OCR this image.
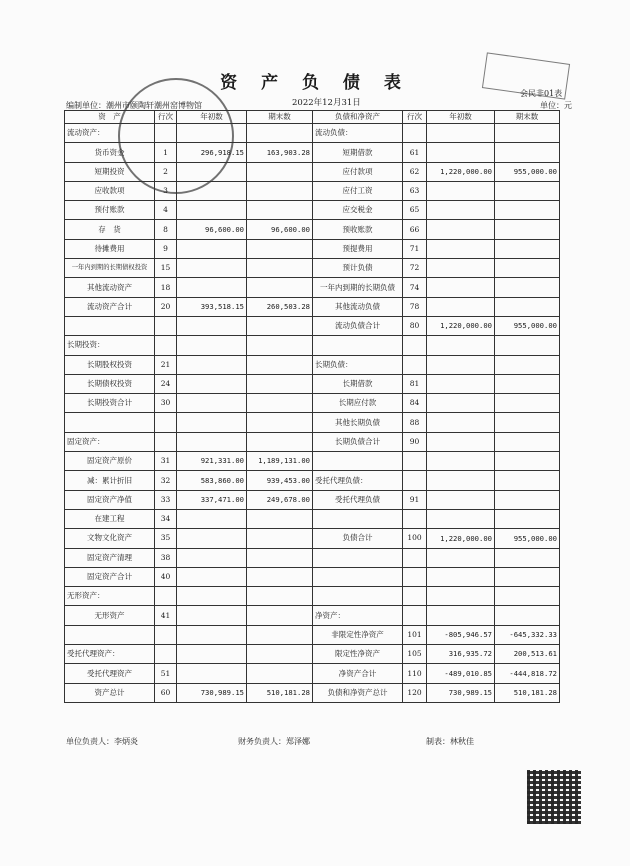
资 产 负 债 表
会民非01表
2022年12月31日
编制单位：潮州市颐陶轩潮州窑博物馆	单位：元
资　产	行次	年初数	期末数	负债和净资产	行次	年初数	期末数
流动资产：				流动负债：			
货币资金	1	296,918.15	163,903.28	短期借款	61		
短期投资	2			应付款项	62	1,220,000.00	955,000.00
应收款项	3			应付工资	63		
预付账款	4			应交税金	65		
存　货	8	96,600.00	96,600.00	预收账款	66		
待摊费用	9			预提费用	71		
一年内到期的长期债权投资	15			预计负债	72		
其他流动资产	18			一年内到期的长期负债	74		
流动资产合计	20	393,518.15	260,503.28	其他流动负债	78		
				流动负债合计	80	1,220,000.00	955,000.00
长期投资：							
长期股权投资	21			长期负债：			
长期债权投资	24			长期借款	81		
长期投资合计	30			长期应付款	84		
				其他长期负债	88		
固定资产：				长期负债合计	90		
固定资产原价	31	921,331.00	1,189,131.00				
减：累计折旧	32	583,860.00	939,453.00	受托代理负债：			
固定资产净值	33	337,471.00	249,678.00	受托代理负债	91		
在建工程	34						
文物文化资产	35			负债合计	100	1,220,000.00	955,000.00
固定资产清理	38						
固定资产合计	40						
无形资产：							
无形资产	41			净资产：			
				非限定性净资产	101	-805,946.57	-645,332.33
受托代理资产：				限定性净资产	105	316,935.72	200,513.61
受托代理资产	51			净资产合计	110	-489,010.85	-444,818.72
资产总计	60	730,989.15	510,181.28	负债和净资产总计	120	730,989.15	510,181.28
单位负责人：李炳炎	财务负责人：郑泽娜	制表：林秋佳
